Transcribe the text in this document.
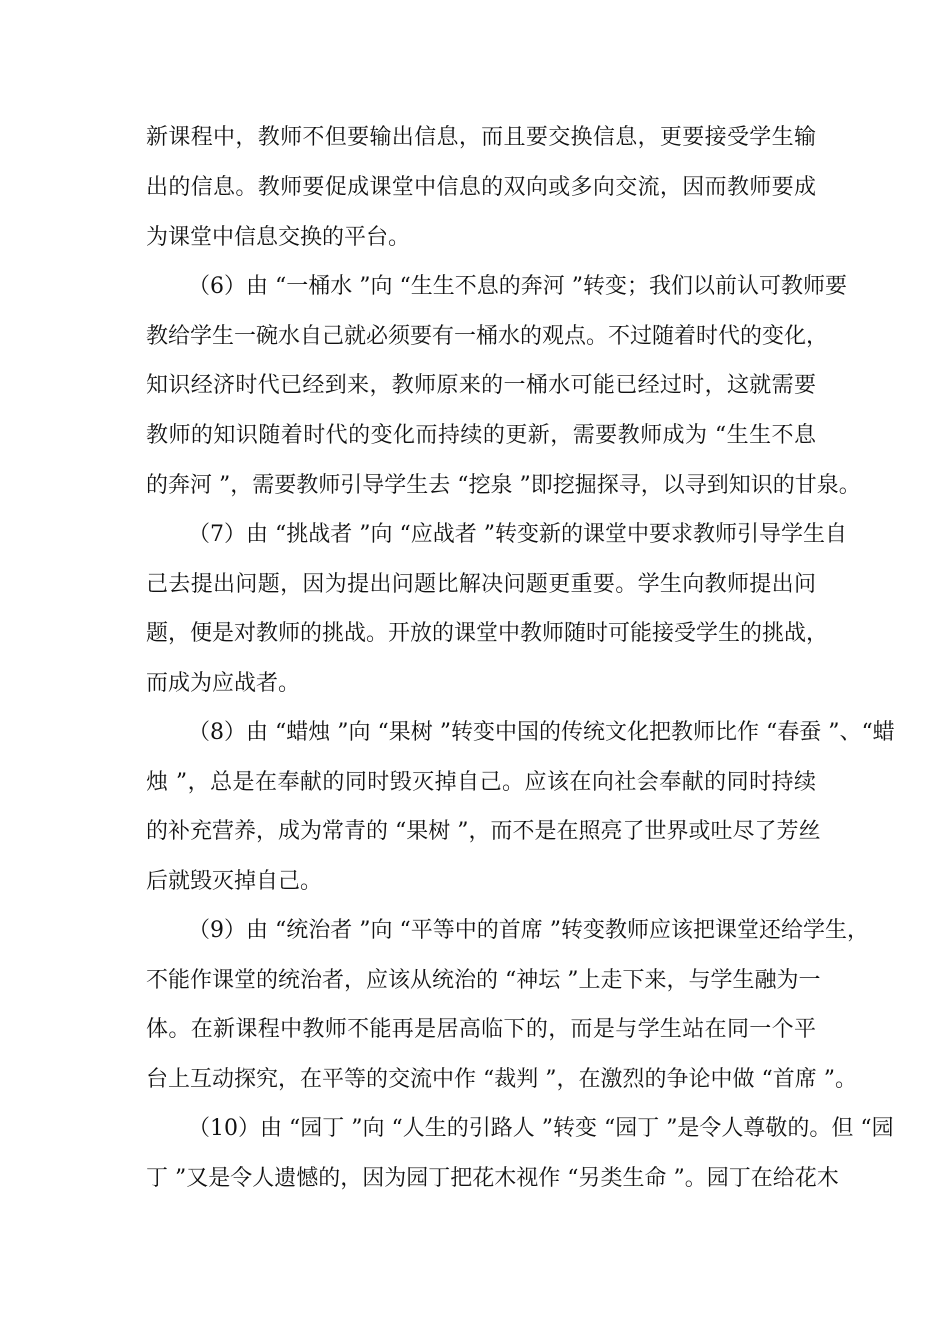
新课程中，教师不但要输出信息，而且要交换信息，更要接受学生输
出的信息。教师要促成课堂中信息的双向或多向交流，因而教师要成
为课堂中信息交换的平台。
（6）由 “一桶水 ”向 “生生不息的奔河 ”转变；我们以前认可教师要
教给学生一碗水自己就必须要有一桶水的观点。不过随着时代的变化，
知识经济时代已经到来，教师原来的一桶水可能已经过时，这就需要
教师的知识随着时代的变化而持续的更新，需要教师成为 “生生不息
的奔河 ”，需要教师引导学生去 “挖泉 ”即挖掘探寻，以寻到知识的甘泉。
（7）由 “挑战者 ”向 “应战者 ”转变新的课堂中要求教师引导学生自
己去提出问题，因为提出问题比解决问题更重要。学生向教师提出问
题，便是对教师的挑战。开放的课堂中教师随时可能接受学生的挑战，
而成为应战者。
（8）由 “蜡烛 ”向 “果树 ”转变中国的传统文化把教师比作 “春蚕 ”、“蜡
烛 ”，总是在奉献的同时毁灭掉自己。应该在向社会奉献的同时持续
的补充营养，成为常青的 “果树 ”，而不是在照亮了世界或吐尽了芳丝
后就毁灭掉自己。
（9）由 “统治者 ”向 “平等中的首席 ”转变教师应该把课堂还给学生，
不能作课堂的统治者，应该从统治的 “神坛 ”上走下来，与学生融为一
体。在新课程中教师不能再是居高临下的，而是与学生站在同一个平
台上互动探究，在平等的交流中作 “裁判 ”，在激烈的争论中做 “首席 ”。
（10）由 “园丁 ”向 “人生的引路人 ”转变 “园丁 ”是令人尊敬的。但 “园
丁 ”又是令人遗憾的，因为园丁把花木视作 “另类生命 ”。园丁在给花木
